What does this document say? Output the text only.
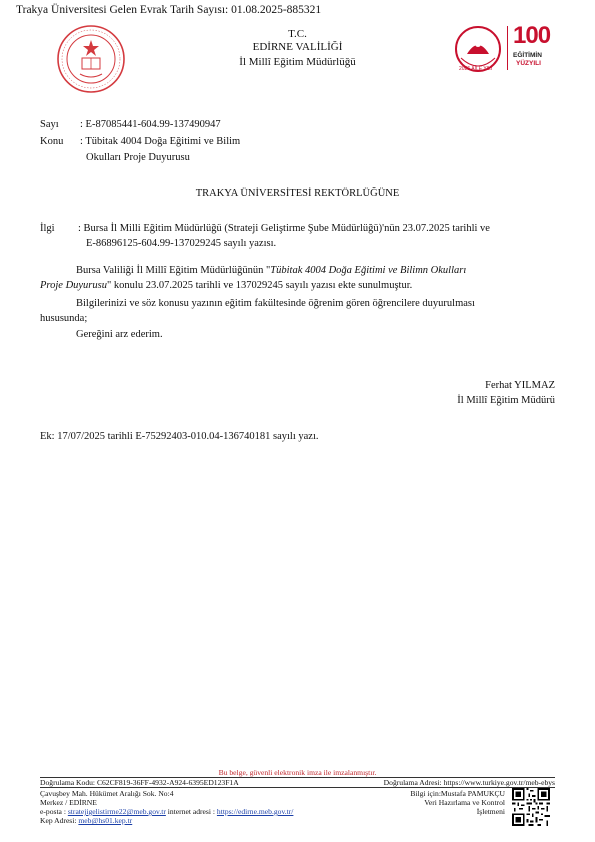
Trakya Üniversitesi Gelen Evrak Tarih Sayısı: 01.08.2025-885321
T.C.
EDİRNE VALİLİĞİ
İl Millî Eğitim Müdürlüğü
2025 AİLE YILI
100
EĞİTİMİN
YÜZYILI
Sayı : E-87085441-604.99-137490947
Konu : Tübitak 4004 Doğa Eğitimi ve Bilim
Okulları Proje Duyurusu
TRAKYA ÜNİVERSİTESİ REKTÖRLÜĞÜNE
İlgi : Bursa İl Milli Eğitim Müdürlüğü (Strateji Geliştirme Şube Müdürlüğü)'nün 23.07.2025 tarihli ve
E-86896125-604.99-137029245 sayılı yazısı.
Bursa Valiliği İl Millî Eğitim Müdürlüğünün "Tübitak 4004 Doğa Eğitimi ve Bilimn Okulları
Proje Duyurusu" konulu 23.07.2025 tarihli ve 137029245 sayılı yazısı ekte sunulmuştur.
Bilgilerinizi ve söz konusu yazının eğitim fakültesinde öğrenim gören öğrencilere duyurulması
hususunda;
Gereğini arz ederim.
Ferhat YILMAZ
İl Millî Eğitim Müdürü
Ek: 17/07/2025 tarihli E-75292403-010.04-136740181 sayılı yazı.
Bu belge, güvenli elektronik imza ile imzalanmıştır.
Doğrulama Kodu: C62CF819-36FF-4932-A924-6395ED123F1A	Doğrulama Adresi: https://www.turkiye.gov.tr/meb-ebys
Çavuşbey Mah. Hükümet Aralığı Sok. No:4
Merkez / EDİRNE
e-posta : stratejigelistirme22@meb.gov.tr internet adresi : https://edirne.meb.gov.tr/
Kep Adresi: meb@hs01.kep.tr
Bilgi için:Mustafa PAMUKÇU
Veri Hazırlama ve Kontrol
İşletmeni
